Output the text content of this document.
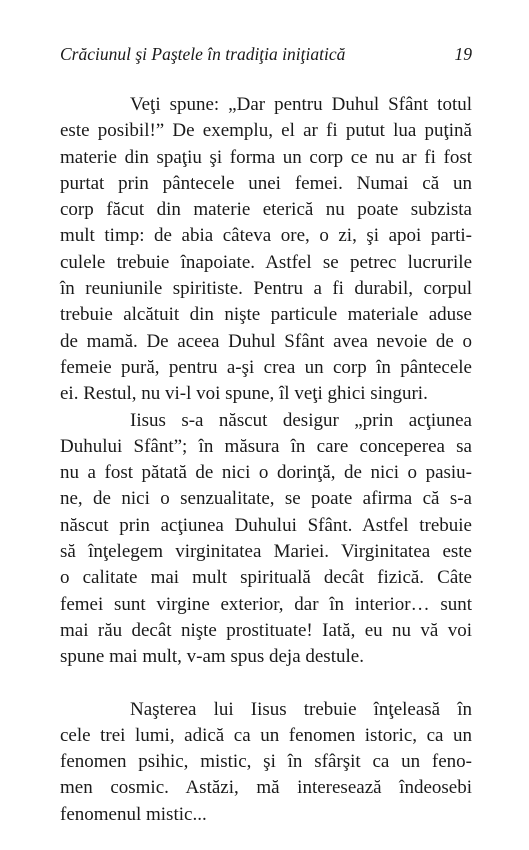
Crăciunul şi Paştele în tradiţia iniţiatică	19

Veţi spune: „Dar pentru Duhul Sfânt totul
este posibil!” De exemplu, el ar fi putut lua puţină
materie din spaţiu şi forma un corp ce nu ar fi fost
purtat prin pântecele unei femei. Numai că un
corp făcut din materie eterică nu poate subzista
mult timp: de abia câteva ore, o zi, şi apoi parti-
culele trebuie înapoiate. Astfel se petrec lucrurile
în reuniunile spiritiste. Pentru a fi durabil, corpul
trebuie alcătuit din nişte particule materiale aduse
de mamă. De aceea Duhul Sfânt avea nevoie de o
femeie pură, pentru a-şi crea un corp în pântecele
ei. Restul, nu vi-l voi spune, îl veţi ghici singuri.

Iisus s-a născut desigur „prin acţiunea
Duhului Sfânt”; în măsura în care conceperea sa
nu a fost pătată de nici o dorinţă, de nici o pasiu-
ne, de nici o senzualitate, se poate afirma că s-a
născut prin acţiunea Duhului Sfânt. Astfel trebuie
să înţelegem virginitatea Mariei. Virginitatea este
o calitate mai mult spirituală decât fizică. Câte
femei sunt virgine exterior, dar în interior… sunt
mai rău decât nişte prostituate! Iată, eu nu vă voi
spune mai mult, v-am spus deja destule.

Naşterea lui Iisus trebuie înţeleasă în
cele trei lumi, adică ca un fenomen istoric, ca un
fenomen psihic, mistic, şi în sfârşit ca un feno-
men cosmic. Astăzi, mă interesează îndeosebi
fenomenul mistic...
